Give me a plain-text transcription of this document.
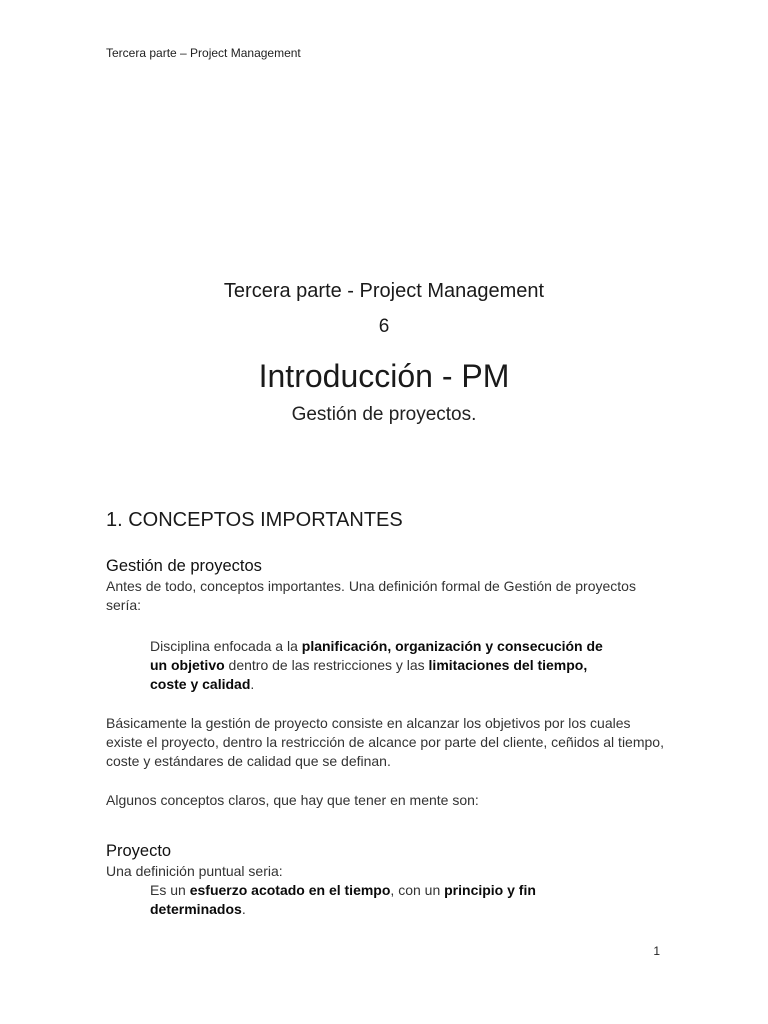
Tercera parte – Project Management
Tercera parte - Project Management
6
Introducción - PM
Gestión de proyectos.
1. CONCEPTOS IMPORTANTES
Gestión de proyectos

Antes de todo, conceptos importantes. Una definición formal de Gestión de proyectos sería:

Disciplina enfocada a la planificación, organización y consecución de un objetivo dentro de las restricciones y las limitaciones del tiempo, coste y calidad.

Básicamente la gestión de proyecto consiste en alcanzar los objetivos por los cuales existe el proyecto, dentro la restricción de alcance por parte del cliente, ceñidos al tiempo, coste y estándares de calidad que se definan.

Algunos conceptos claros, que hay que tener en mente son:

Proyecto

Una definición puntual seria:

Es un esfuerzo acotado en el tiempo, con un principio y fin determinados.

1
